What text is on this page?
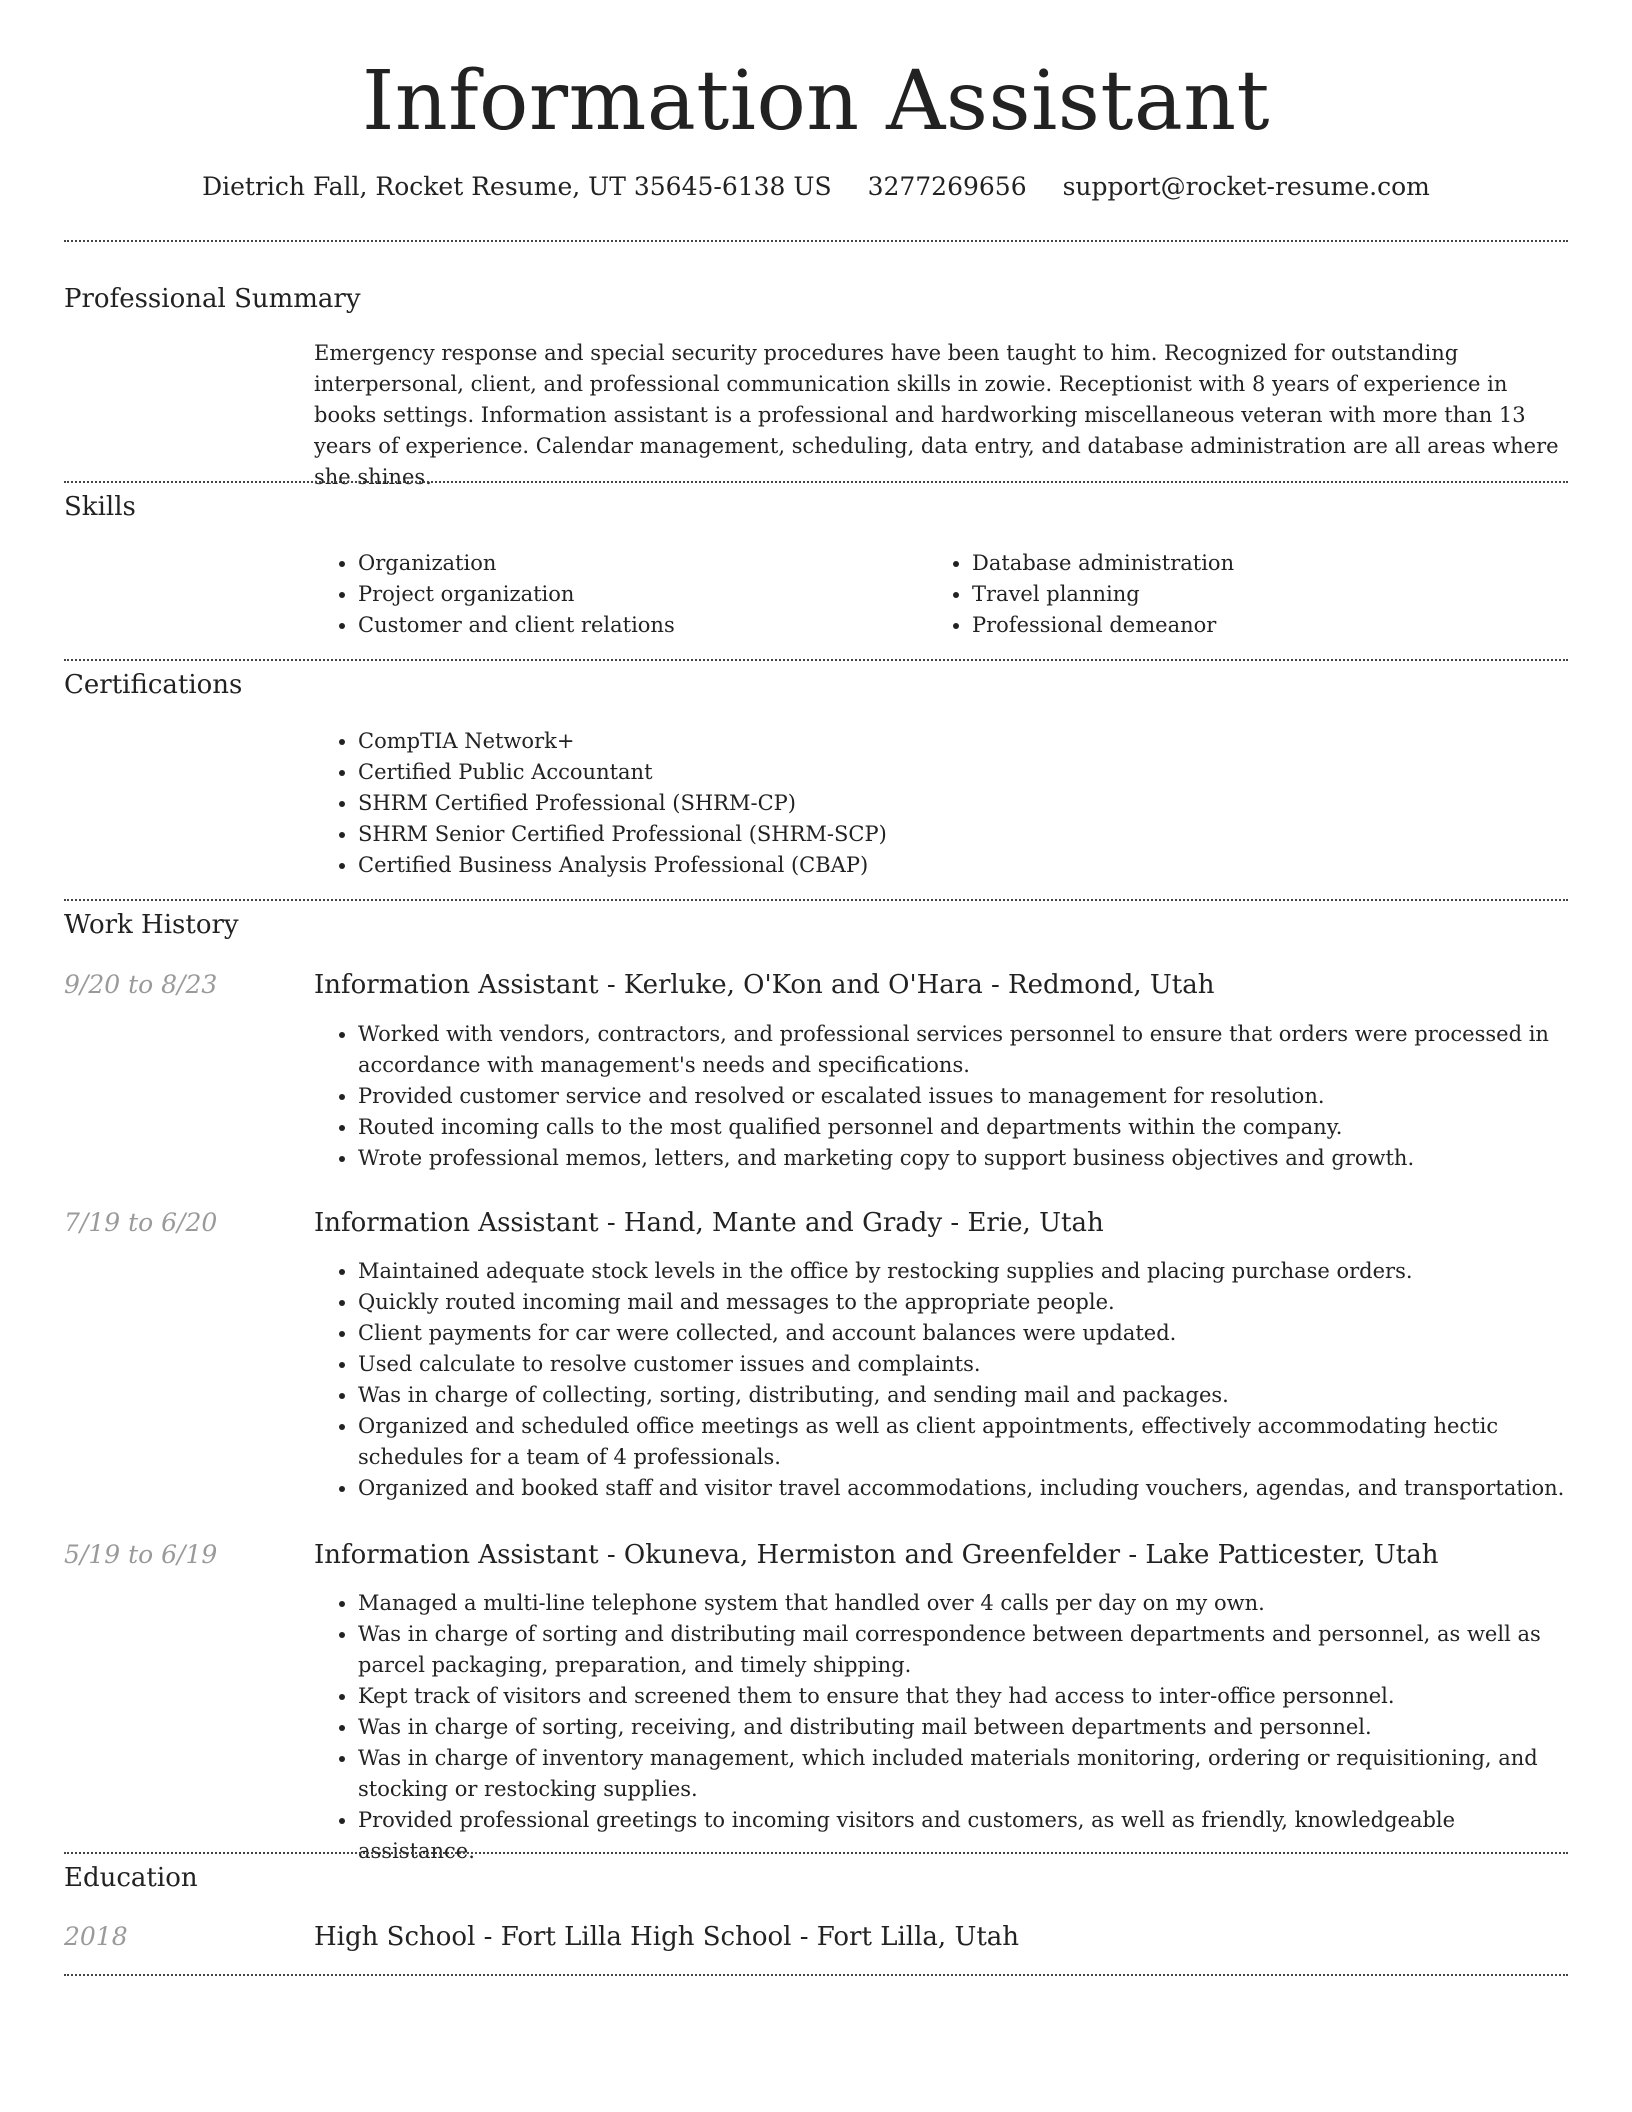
Information Assistant
Dietrich Fall, Rocket Resume, UT 35645-6138 US 3277269656 support@rocket-resume.com
Professional Summary

Emergency response and special security procedures have been taught to him. Recognized for outstanding interpersonal, client, and professional communication skills in zowie. Receptionist with 8 years of experience in books settings. Information assistant is a professional and hardworking miscellaneous veteran with more than 13 years of experience. Calendar management, scheduling, data entry, and database administration are all areas where she shines.

Skills
• Organization
• Project organization
• Customer and client relations
• Database administration
• Travel planning
• Professional demeanor
Certifications
• CompTIA Network+
• Certified Public Accountant
• SHRM Certified Professional (SHRM-CP)
• SHRM Senior Certified Professional (SHRM-SCP)
• Certified Business Analysis Professional (CBAP)
Work History
9/20 to 8/23	Information Assistant - Kerluke, O'Kon and O'Hara - Redmond, Utah
• Worked with vendors, contractors, and professional services personnel to ensure that orders were processed in accordance with management's needs and specifications.
• Provided customer service and resolved or escalated issues to management for resolution.
• Routed incoming calls to the most qualified personnel and departments within the company.
• Wrote professional memos, letters, and marketing copy to support business objectives and growth.
7/19 to 6/20	Information Assistant - Hand, Mante and Grady - Erie, Utah
• Maintained adequate stock levels in the office by restocking supplies and placing purchase orders.
• Quickly routed incoming mail and messages to the appropriate people.
• Client payments for car were collected, and account balances were updated.
• Used calculate to resolve customer issues and complaints.
• Was in charge of collecting, sorting, distributing, and sending mail and packages.
• Organized and scheduled office meetings as well as client appointments, effectively accommodating hectic schedules for a team of 4 professionals.
• Organized and booked staff and visitor travel accommodations, including vouchers, agendas, and transportation.
5/19 to 6/19	Information Assistant - Okuneva, Hermiston and Greenfelder - Lake Patticester, Utah
• Managed a multi-line telephone system that handled over 4 calls per day on my own.
• Was in charge of sorting and distributing mail correspondence between departments and personnel, as well as parcel packaging, preparation, and timely shipping.
• Kept track of visitors and screened them to ensure that they had access to inter-office personnel.
• Was in charge of sorting, receiving, and distributing mail between departments and personnel.
• Was in charge of inventory management, which included materials monitoring, ordering or requisitioning, and stocking or restocking supplies.
• Provided professional greetings to incoming visitors and customers, as well as friendly, knowledgeable assistance.
Education
2018	High School - Fort Lilla High School - Fort Lilla, Utah
